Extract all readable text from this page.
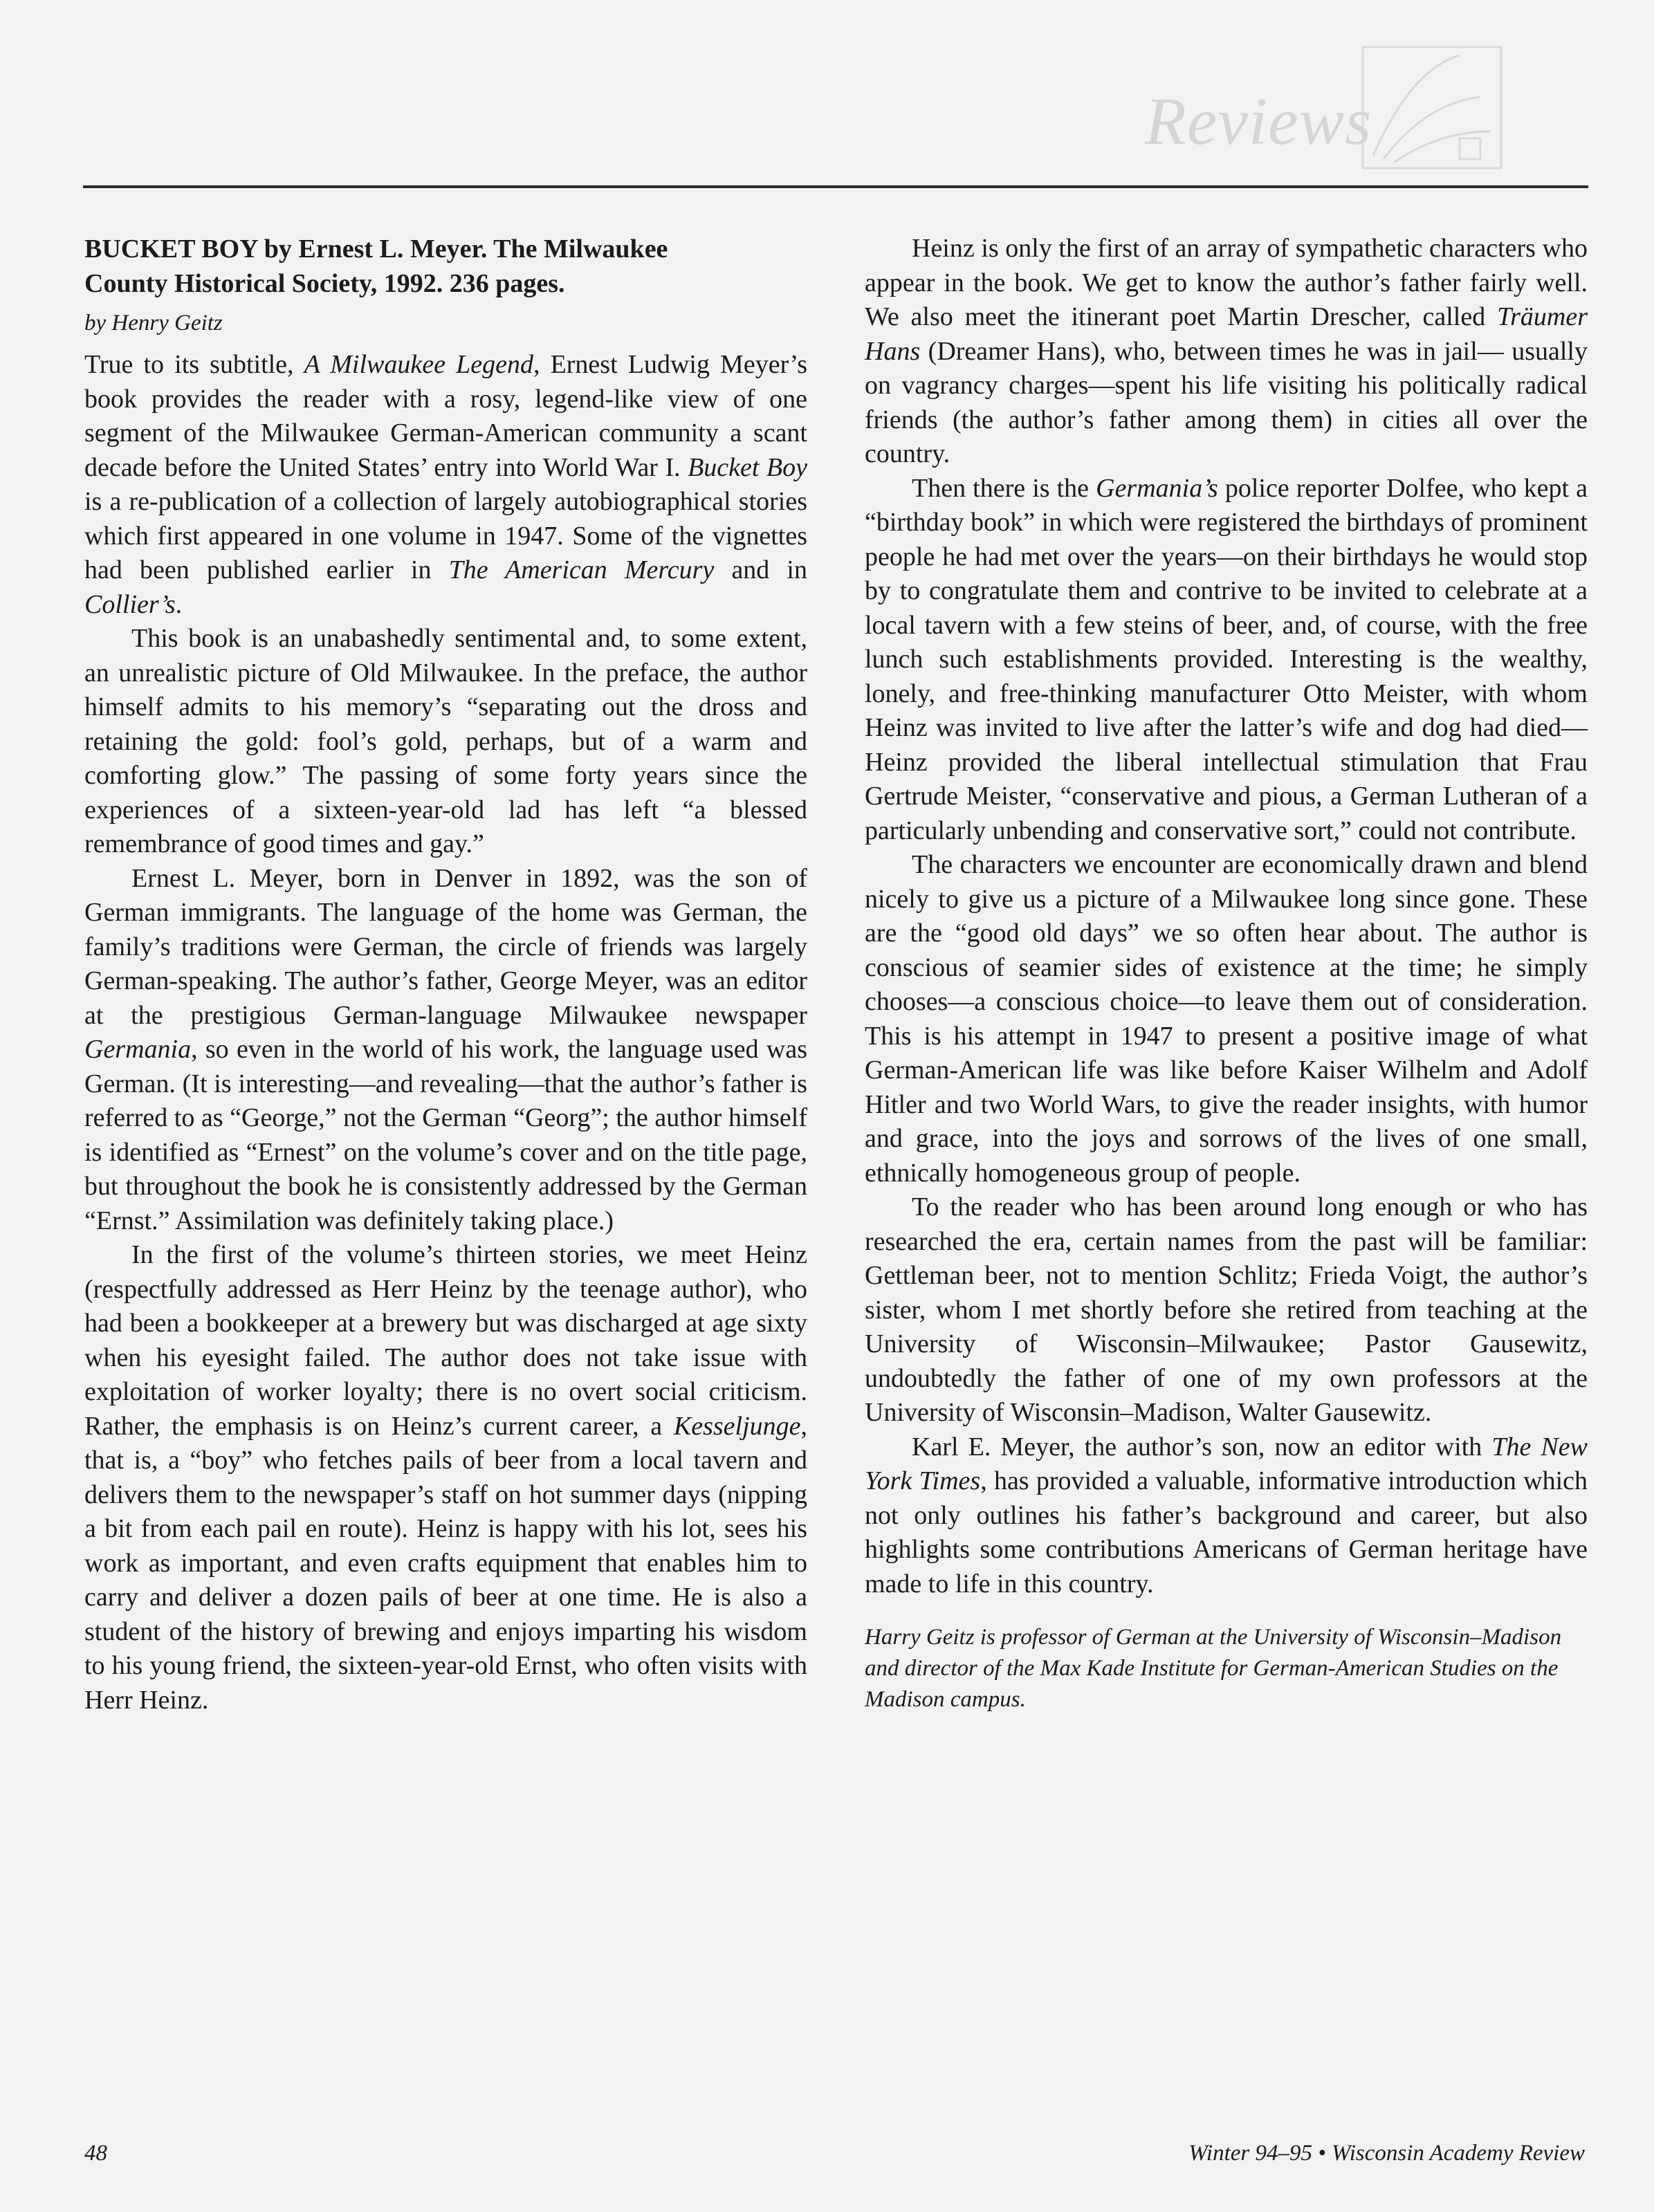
Reviews
BUCKET BOY by Ernest L. Meyer. The Milwaukee
County Historical Society, 1992. 236 pages.
by Henry Geitz

True to its subtitle, A Milwaukee Legend, Ernest Ludwig Meyer’s book provides the reader with a rosy, legend-like view of one segment of the Milwaukee German-American community a scant decade before the United States’ entry into World War I. Bucket Boy is a re-publication of a collection of largely autobiographical stories which first appeared in one volume in 1947. Some of the vignettes had been published earlier in The American Mercury and in Collier’s.

This book is an unabashedly sentimental and, to some extent, an unrealistic picture of Old Milwaukee. In the preface, the author himself admits to his memory’s “separating out the dross and retaining the gold: fool’s gold, perhaps, but of a warm and comforting glow.” The passing of some forty years since the experiences of a sixteen-year-old lad has left “a blessed remembrance of good times and gay.”

Ernest L. Meyer, born in Denver in 1892, was the son of German immigrants. The language of the home was German, the family’s traditions were German, the circle of friends was largely German-speaking. The author’s father, George Meyer, was an editor at the prestigious German-language Milwaukee newspaper Germania, so even in the world of his work, the language used was German. (It is interesting—and revealing—that the author’s father is referred to as “George,” not the German “Georg”; the author himself is identified as “Ernest” on the volume’s cover and on the title page, but throughout the book he is consistently addressed by the German “Ernst.” Assimilation was definitely taking place.)

In the first of the volume’s thirteen stories, we meet Heinz (respectfully addressed as Herr Heinz by the teenage author), who had been a bookkeeper at a brewery but was discharged at age sixty when his eyesight failed. The author does not take issue with exploitation of worker loyalty; there is no overt social criticism. Rather, the emphasis is on Heinz’s current career, a Kesseljunge, that is, a “boy” who fetches pails of beer from a local tavern and delivers them to the newspaper’s staff on hot summer days (nipping a bit from each pail en route). Heinz is happy with his lot, sees his work as important, and even crafts equipment that enables him to carry and deliver a dozen pails of beer at one time. He is also a student of the history of brewing and enjoys imparting his wisdom to his young friend, the sixteen-year-old Ernst, who often visits with Herr Heinz.

Heinz is only the first of an array of sympathetic characters who appear in the book. We get to know the author’s father fairly well. We also meet the itinerant poet Martin Drescher, called Träumer Hans (Dreamer Hans), who, between times he was in jail— usually on vagrancy charges—spent his life visiting his politically radical friends (the author’s father among them) in cities all over the country.

Then there is the Germania’s police reporter Dolfee, who kept a “birthday book” in which were registered the birthdays of prominent people he had met over the years—on their birthdays he would stop by to congratulate them and contrive to be invited to celebrate at a local tavern with a few steins of beer, and, of course, with the free lunch such establishments provided. Interesting is the wealthy, lonely, and free-thinking manufacturer Otto Meister, with whom Heinz was invited to live after the latter’s wife and dog had died—Heinz provided the liberal intellectual stimulation that Frau Gertrude Meister, “conservative and pious, a German Lutheran of a particularly unbending and conservative sort,” could not contribute.

The characters we encounter are economically drawn and blend nicely to give us a picture of a Milwaukee long since gone. These are the “good old days” we so often hear about. The author is conscious of seamier sides of existence at the time; he simply chooses—a conscious choice—to leave them out of consideration. This is his attempt in 1947 to present a positive image of what German-American life was like before Kaiser Wilhelm and Adolf Hitler and two World Wars, to give the reader insights, with humor and grace, into the joys and sorrows of the lives of one small, ethnically homogeneous group of people.

To the reader who has been around long enough or who has researched the era, certain names from the past will be familiar: Gettleman beer, not to mention Schlitz; Frieda Voigt, the author’s sister, whom I met shortly before she retired from teaching at the University of Wisconsin–Milwaukee; Pastor Gausewitz, undoubtedly the father of one of my own professors at the University of Wisconsin–Madison, Walter Gausewitz.

Karl E. Meyer, the author’s son, now an editor with The New York Times, has provided a valuable, informative introduction which not only outlines his father’s background and career, but also highlights some contributions Americans of German heritage have made to life in this country.

Harry Geitz is professor of German at the University of Wisconsin–Madison and director of the Max Kade Institute for German-American Studies on the Madison campus.
48	Winter 94–95 • Wisconsin Academy Review
